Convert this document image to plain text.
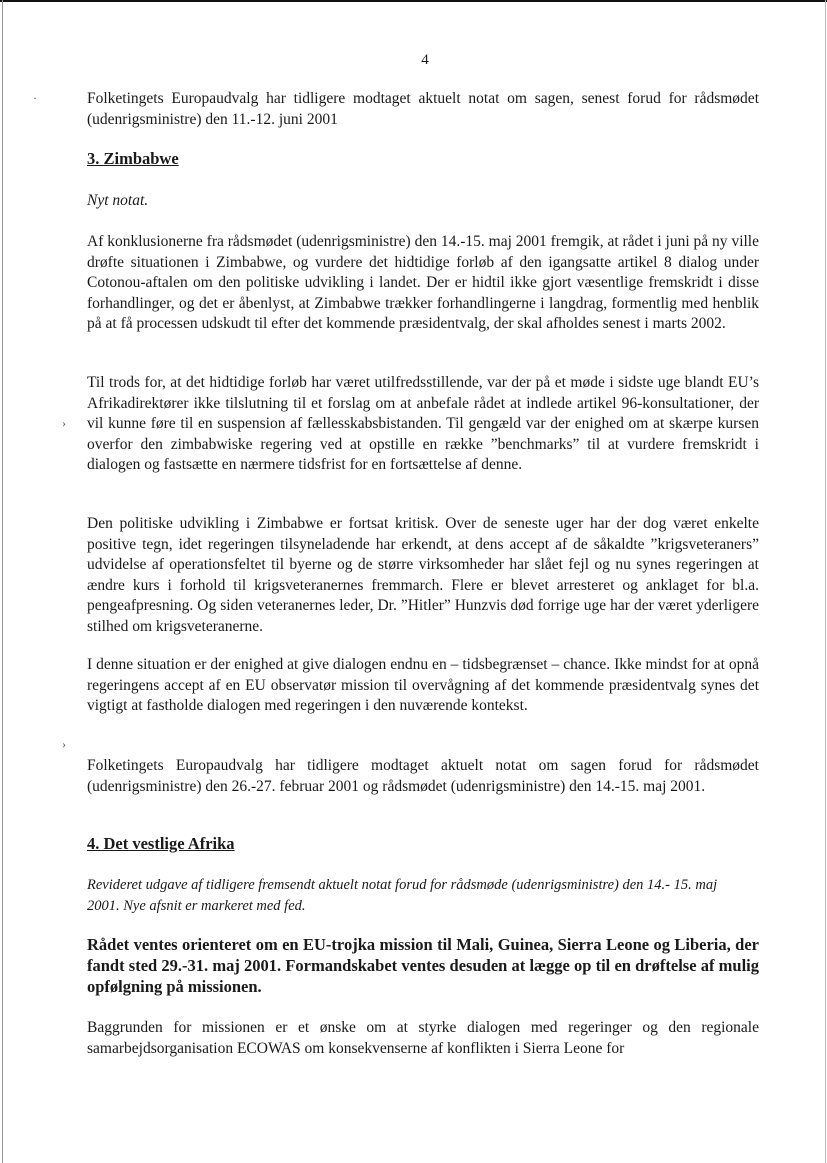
·
›
›
4

Folketingets Europaudvalg har tidligere modtaget aktuelt notat om sagen, senest forud for rådsmødet (udenrigsministre) den 11.-12. juni 2001

3. Zimbabwe

Nyt notat.

Af konklusionerne fra rådsmødet (udenrigsministre) den 14.-15. maj 2001 fremgik, at rådet i juni på ny ville drøfte situationen i Zimbabwe, og vurdere det hidtidige forløb af den igangsatte artikel 8 dialog under Cotonou-aftalen om den politiske udvikling i landet. Der er hidtil ikke gjort væsentlige fremskridt i disse forhandlinger, og det er åbenlyst, at Zimbabwe trækker forhandlingerne i langdrag, formentlig med henblik på at få processen udskudt til efter det kommende præsidentvalg, der skal afholdes senest i marts 2002.

Til trods for, at det hidtidige forløb har været utilfredsstillende, var der på et møde i sidste uge blandt EU’s Afrikadirektører ikke tilslutning til et forslag om at anbefale rådet at indlede artikel 96-konsultationer, der vil kunne føre til en suspension af fællesskabsbistanden. Til gengæld var der enighed om at skærpe kursen overfor den zimbabwiske regering ved at opstille en række ”benchmarks” til at vurdere fremskridt i dialogen og fastsætte en nærmere tidsfrist for en fortsættelse af denne.

Den politiske udvikling i Zimbabwe er fortsat kritisk. Over de seneste uger har der dog været enkelte positive tegn, idet regeringen tilsyneladende har erkendt, at dens accept af de såkaldte ”krigsveteraners” udvidelse af operationsfeltet til byerne og de større virksomheder har slået fejl og nu synes regeringen at ændre kurs i forhold til krigsveteranernes fremmarch. Flere er blevet arresteret og anklaget for bl.a. pengeafpresning. Og siden veteranernes leder, Dr. ”Hitler” Hunzvis død forrige uge har der været yderligere stilhed om krigsveteranerne.

I denne situation er der enighed at give dialogen endnu en – tidsbegrænset – chance. Ikke mindst for at opnå regeringens accept af en EU observatør mission til overvågning af det kommende præsidentvalg synes det vigtigt at fastholde dialogen med regeringen i den nuværende kontekst.

Folketingets Europaudvalg har tidligere modtaget aktuelt notat om sagen forud for rådsmødet (udenrigsministre) den 26.-27. februar 2001 og rådsmødet (udenrigsministre) den 14.-15. maj 2001.

4. Det vestlige Afrika

Revideret udgave af tidligere fremsendt aktuelt notat forud for rådsmøde (udenrigsministre) den 14.- 15. maj

2001. Nye afsnit er markeret med fed.

Rådet ventes orienteret om en EU-trojka mission til Mali, Guinea, Sierra Leone og Liberia, der fandt sted 29.-31. maj 2001. Formandskabet ventes desuden at lægge op til en drøftelse af mulig opfølgning på missionen.

Baggrunden for missionen er et ønske om at styrke dialogen med regeringer og den regionale samarbejdsorganisation ECOWAS om konsekvenserne af konflikten i Sierra Leone for
